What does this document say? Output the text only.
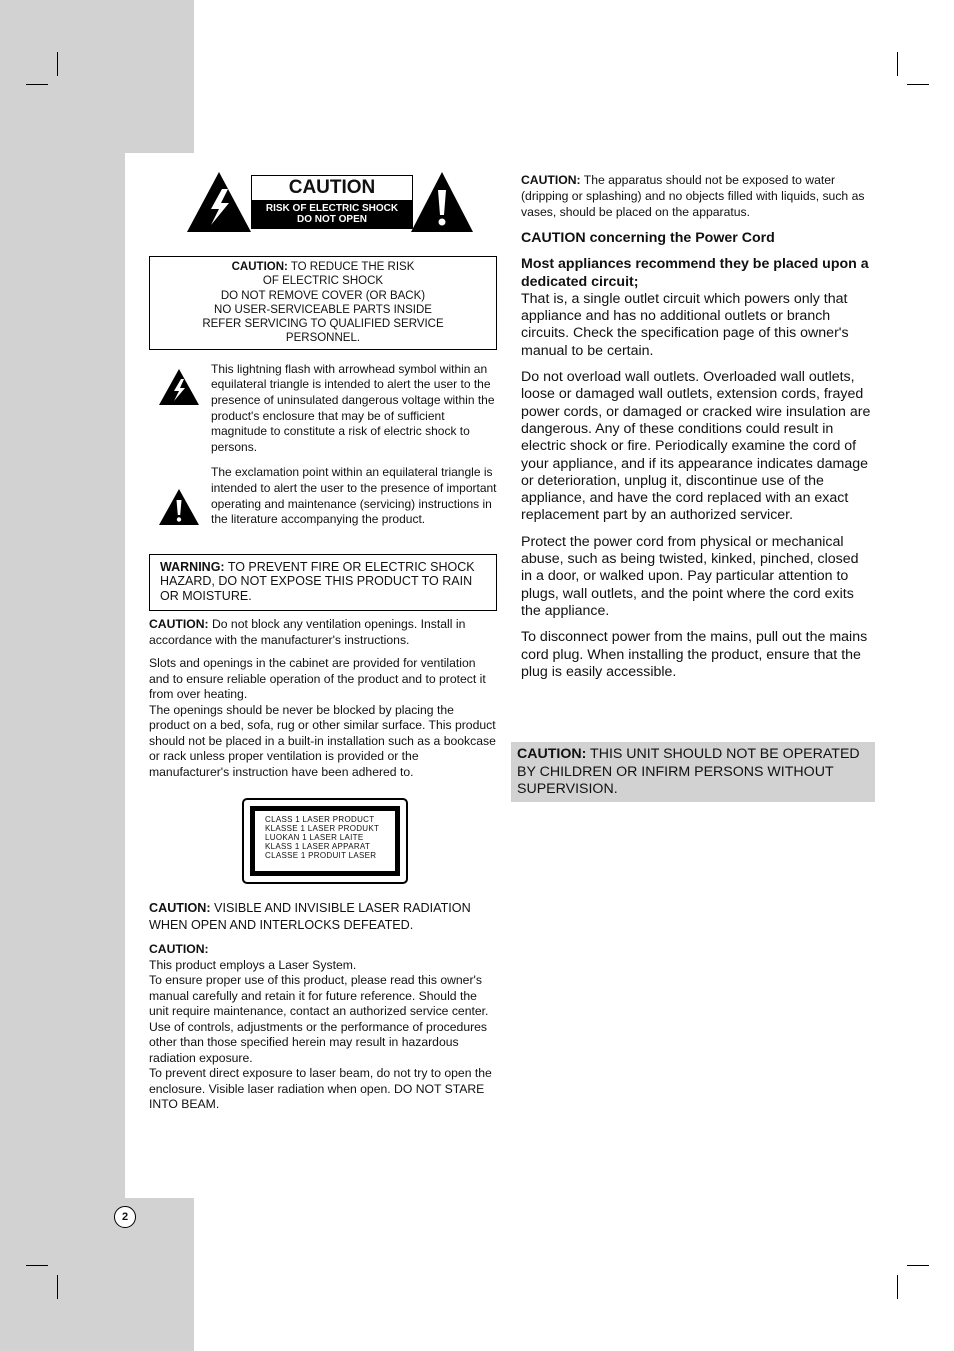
2
CAUTION
RISK OF ELECTRIC SHOCK
DO NOT OPEN
CAUTION: TO REDUCE THE RISK
OF ELECTRIC SHOCK
DO NOT REMOVE COVER (OR BACK)
NO USER-SERVICEABLE PARTS INSIDE
REFER SERVICING TO QUALIFIED SERVICE
PERSONNEL.

This lightning flash with arrowhead symbol within an equilateral triangle is intended to alert the user to the presence of uninsulated dangerous voltage within the product's enclosure that may be of sufficient magnitude to constitute a risk of electric shock to persons.

The exclamation point within an equilateral triangle is intended to alert the user to the presence of important operating and maintenance (servicing) instructions in the literature accompanying the product.

WARNING: TO PREVENT FIRE OR ELECTRIC SHOCK HAZARD, DO NOT EXPOSE THIS PRODUCT TO RAIN OR MOISTURE.

CAUTION: Do not block any ventilation openings. Install in accordance with the manufacturer's instructions.

Slots and openings in the cabinet are provided for ventilation and to ensure reliable operation of the product and to protect it from over heating.

The openings should be never be blocked by placing the product on a bed, sofa, rug or other similar surface. This product should not be placed in a built-in installation such as a bookcase or rack unless proper ventilation is provided or the manufacturer's instruction have been adhered to.

CLASS 1 LASER PRODUCT
KLASSE 1 LASER PRODUKT
LUOKAN 1 LASER LAITE
KLASS 1 LASER APPARAT
CLASSE 1 PRODUIT LASER

CAUTION: VISIBLE AND INVISIBLE LASER RADIATION WHEN OPEN AND INTERLOCKS DEFEATED.

CAUTION:

This product employs a Laser System.

To ensure proper use of this product, please read this owner's manual carefully and retain it for future reference. Should the unit require maintenance, contact an authorized service center.

Use of controls, adjustments or the performance of procedures other than those specified herein may result in hazardous radiation exposure.

To prevent direct exposure to laser beam, do not try to open the enclosure. Visible laser radiation when open. DO NOT STARE INTO BEAM.

CAUTION: The apparatus should not be exposed to water (dripping or splashing) and no objects filled with liquids, such as vases, should be placed on the apparatus.

CAUTION concerning the Power Cord

Most appliances recommend they be placed upon a dedicated circuit;

That is, a single outlet circuit which powers only that appliance and has no additional outlets or branch circuits. Check the specification page of this owner's manual to be certain.

Do not overload wall outlets. Overloaded wall outlets, loose or damaged wall outlets, extension cords, frayed power cords, or damaged or cracked wire insulation are dangerous. Any of these conditions could result in electric shock or fire. Periodically examine the cord of your appliance, and if its appearance indicates damage or deterioration, unplug it, discontinue use of the appliance, and have the cord replaced with an exact replacement part by an authorized servicer.

Protect the power cord from physical or mechanical abuse, such as being twisted, kinked, pinched, closed in a door, or walked upon. Pay particular attention to plugs, wall outlets, and the point where the cord exits the appliance.

To disconnect power from the mains, pull out the mains cord plug. When installing the product, ensure that the plug is easily accessible.

CAUTION: THIS UNIT SHOULD NOT BE OPERATED BY CHILDREN OR INFIRM PERSONS WITHOUT SUPERVISION.
